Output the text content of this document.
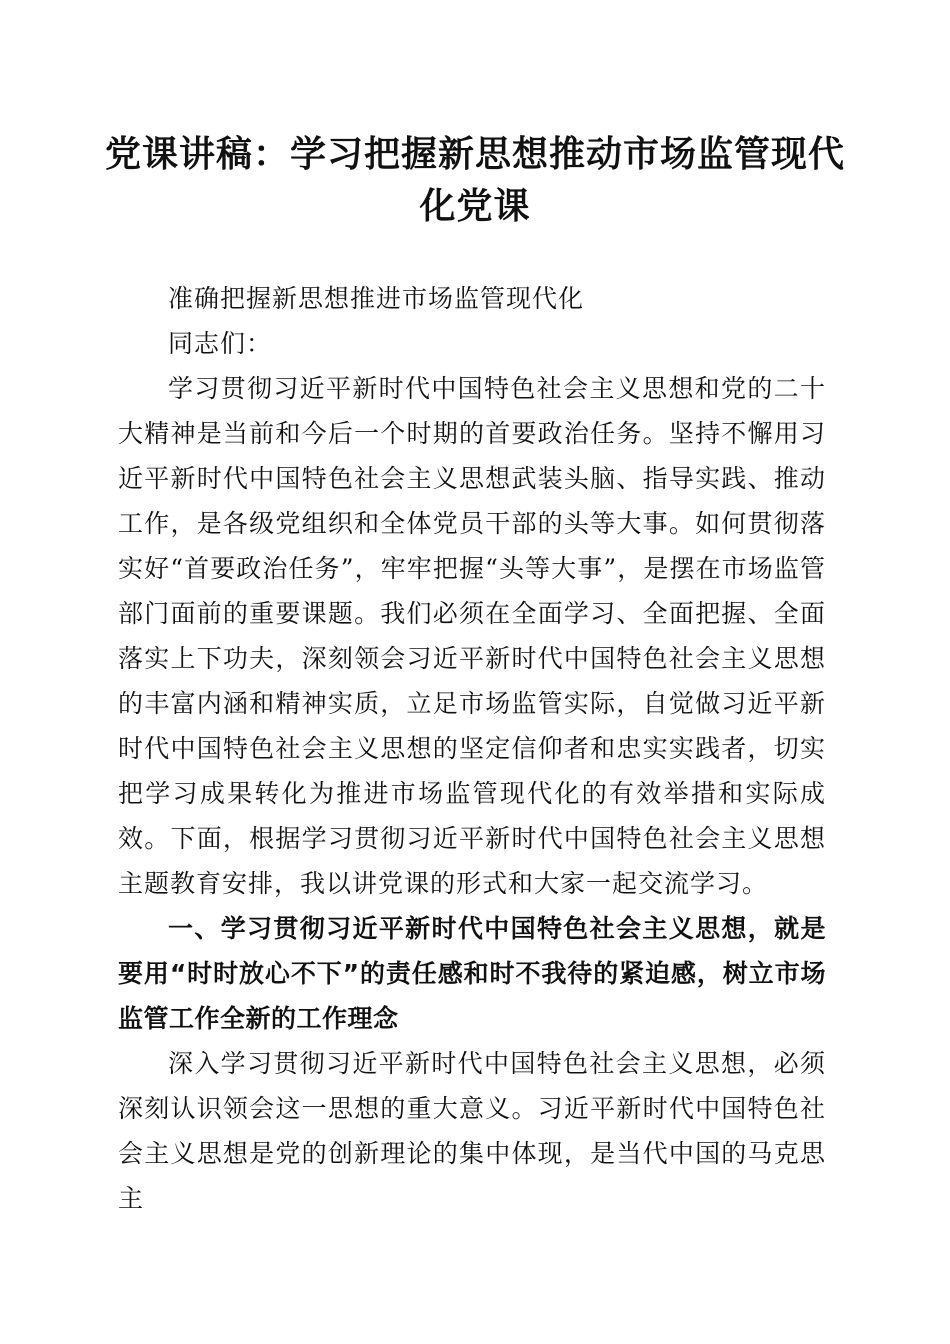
党课讲稿：学习把握新思想推动市场监管现代化党课

准确把握新思想推进市场监管现代化

同志们：

学习贯彻习近平新时代中国特色社会主义思想和党的二十大精神是当前和今后一个时期的首要政治任务。坚持不懈用习近平新时代中国特色社会主义思想武装头脑、指导实践、推动工作，是各级党组织和全体党员干部的头等大事。如何贯彻落实好“首要政治任务”，牢牢把握“头等大事”，是摆在市场监管部门面前的重要课题。我们必须在全面学习、全面把握、全面落实上下功夫，深刻领会习近平新时代中国特色社会主义思想的丰富内涵和精神实质，立足市场监管实际，自觉做习近平新时代中国特色社会主义思想的坚定信仰者和忠实实践者，切实把学习成果转化为推进市场监管现代化的有效举措和实际成效。下面，根据学习贯彻习近平新时代中国特色社会主义思想主题教育安排，我以讲党课的形式和大家一起交流学习。

一、学习贯彻习近平新时代中国特色社会主义思想，就是要用“时时放心不下”的责任感和时不我待的紧迫感，树立市场监管工作全新的工作理念

深入学习贯彻习近平新时代中国特色社会主义思想，必须深刻认识领会这一思想的重大意义。习近平新时代中国特色社会主义思想是党的创新理论的集中体现，是当代中国的马克思主
